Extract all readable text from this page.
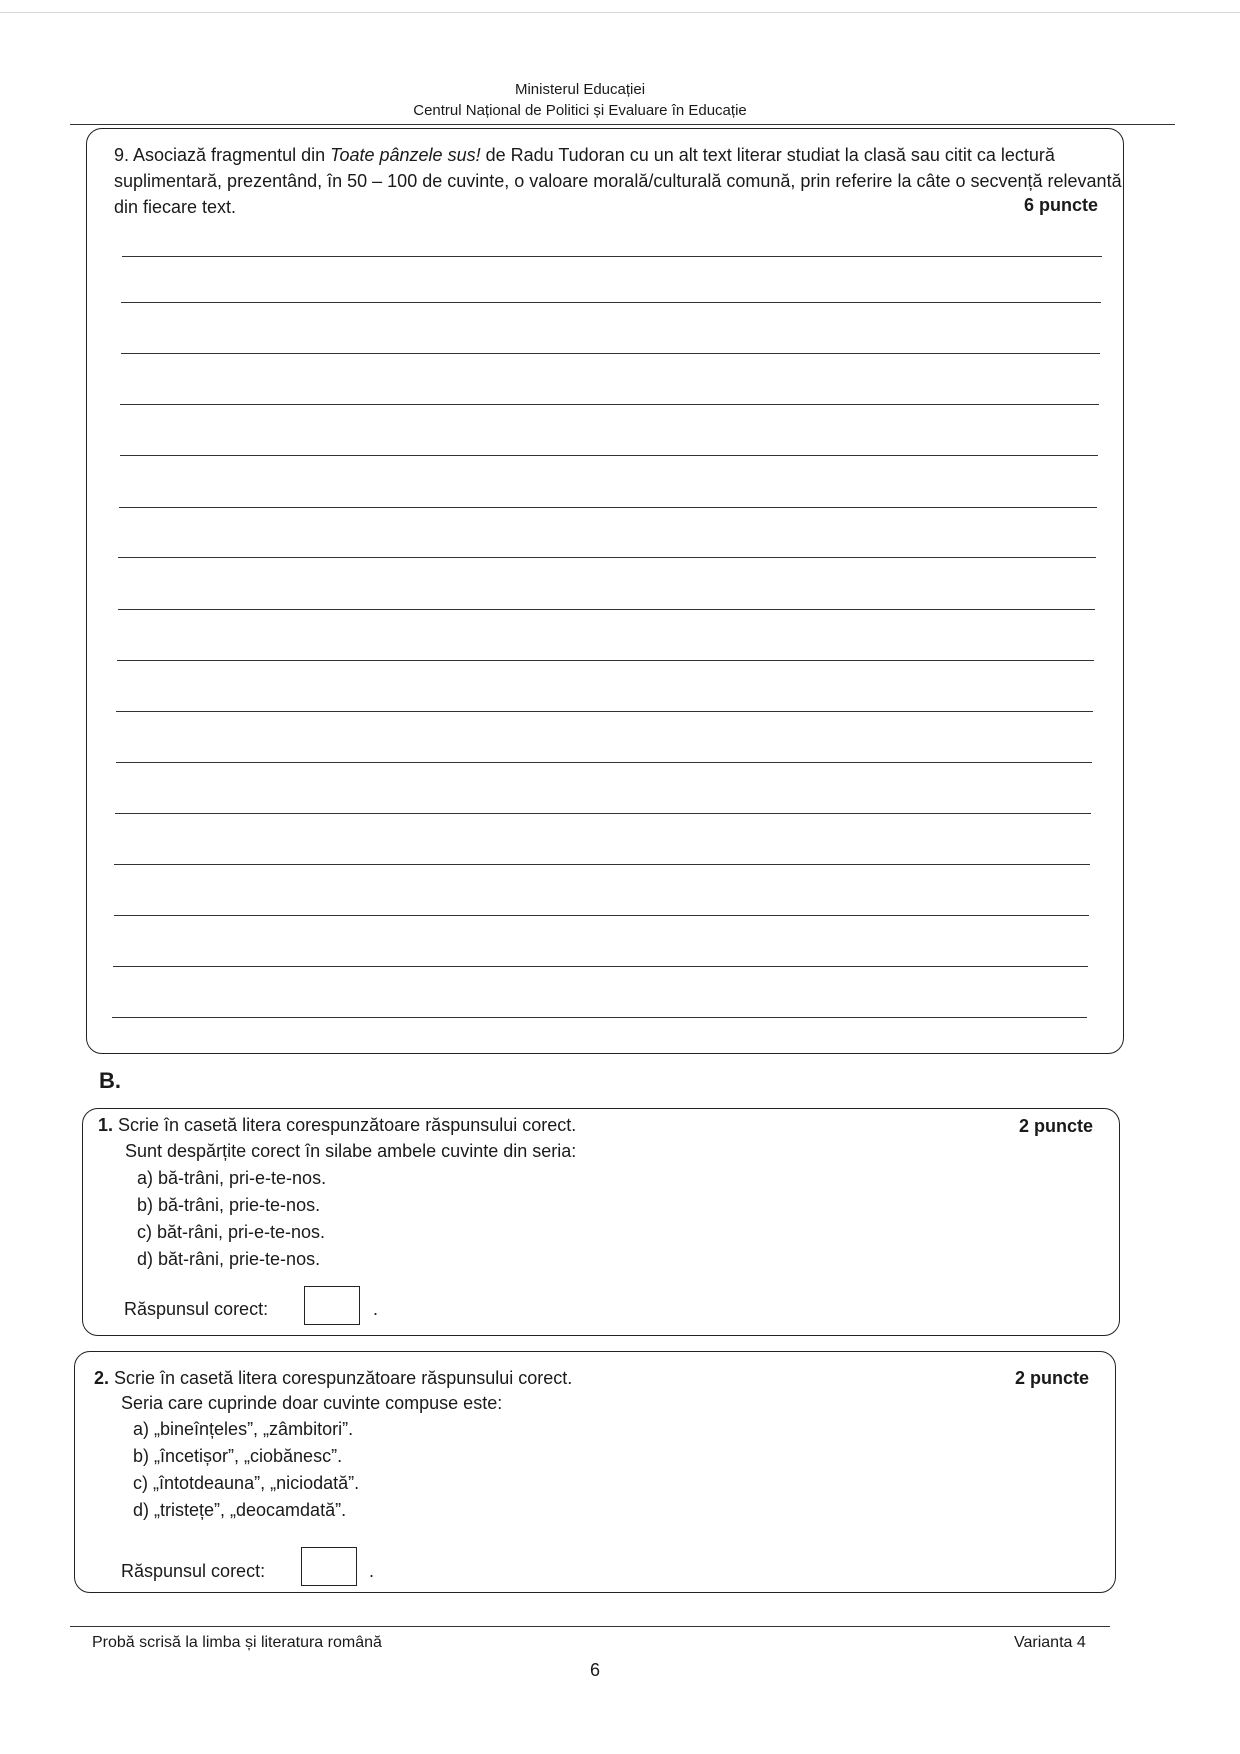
Ministerul Educației
Centrul Național de Politici și Evaluare în Educație
9. Asociază fragmentul din Toate pânzele sus! de Radu Tudoran cu un alt text literar studiat la clasă sau citit ca lectură suplimentară, prezentând, în 50 – 100 de cuvinte, o valoare morală/culturală comună, prin referire la câte o secvență relevantă din fiecare text.	6 puncte
B.
1. Scrie în casetă litera corespunzătoare răspunsului corect.	2 puncte
Sunt despărțite corect în silabe ambele cuvinte din seria:
a) bă-trâni, pri-e-te-nos.
b) bă-trâni, prie-te-nos.
c) băt-râni, pri-e-te-nos.
d) băt-râni, prie-te-nos.
Răspunsul corect:	.
2. Scrie în casetă litera corespunzătoare răspunsului corect.	2 puncte
Seria care cuprinde doar cuvinte compuse este:
a) „bineînțeles”, „zâmbitori”.
b) „încetișor”, „ciobănesc”.
c) „întotdeauna”, „niciodată”.
d) „tristețe”, „deocamdată”.
Răspunsul corect:	.
Probă scrisă la limba și literatura română	Varianta 4
6
